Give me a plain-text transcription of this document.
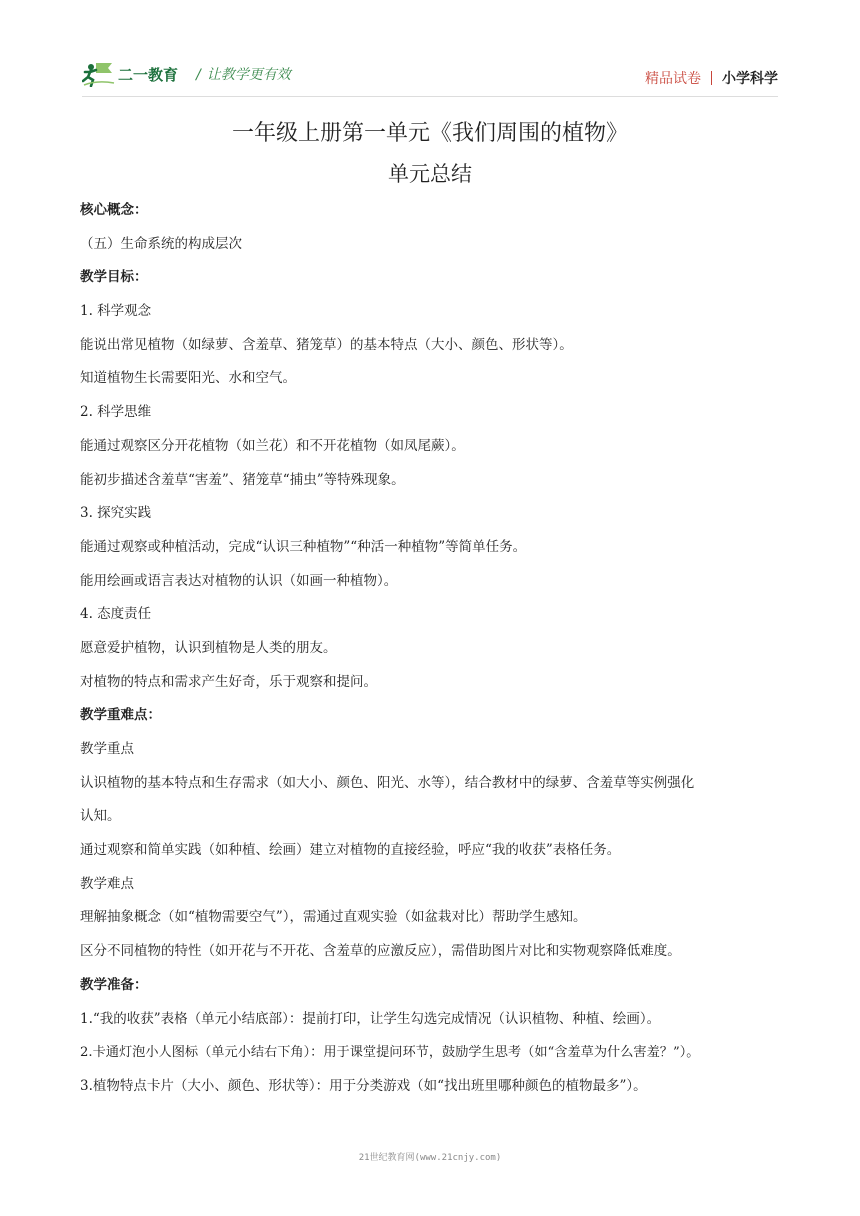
二一教育 / 让教学更有效	精品试卷 小学科学
一年级上册第一单元《我们周围的植物》
单元总结

核心概念：

（五）生命系统的构成层次

教学目标：

1. 科学观念

能说出常见植物（如绿萝、含羞草、猪笼草）的基本特点（大小、颜色、形状等）。

知道植物生长需要阳光、水和空气。

2. 科学思维

能通过观察区分开花植物（如兰花）和不开花植物（如凤尾蕨）。

能初步描述含羞草“害羞”、猪笼草“捕虫”等特殊现象。

3. 探究实践

能通过观察或种植活动，完成“认识三种植物”“种活一种植物”等简单任务。

能用绘画或语言表达对植物的认识（如画一种植物）。

4. 态度责任

愿意爱护植物，认识到植物是人类的朋友。

对植物的特点和需求产生好奇，乐于观察和提问。

教学重难点：

教学重点

认识植物的基本特点和生存需求（如大小、颜色、阳光、水等），结合教材中的绿萝、含羞草等实例强化

认知。

通过观察和简单实践（如种植、绘画）建立对植物的直接经验，呼应“我的收获”表格任务。

教学难点

理解抽象概念（如“植物需要空气”），需通过直观实验（如盆栽对比）帮助学生感知。

区分不同植物的特性（如开花与不开花、含羞草的应激反应），需借助图片对比和实物观察降低难度。

教学准备：

1.“我的收获”表格（单元小结底部）：提前打印，让学生勾选完成情况（认识植物、种植、绘画）。

2.卡通灯泡小人图标（单元小结右下角）：用于课堂提问环节，鼓励学生思考（如“含羞草为什么害羞？”）。

3.植物特点卡片（大小、颜色、形状等）：用于分类游戏（如“找出班里哪种颜色的植物最多”）。

21世纪教育网(www.21cnjy.com)
